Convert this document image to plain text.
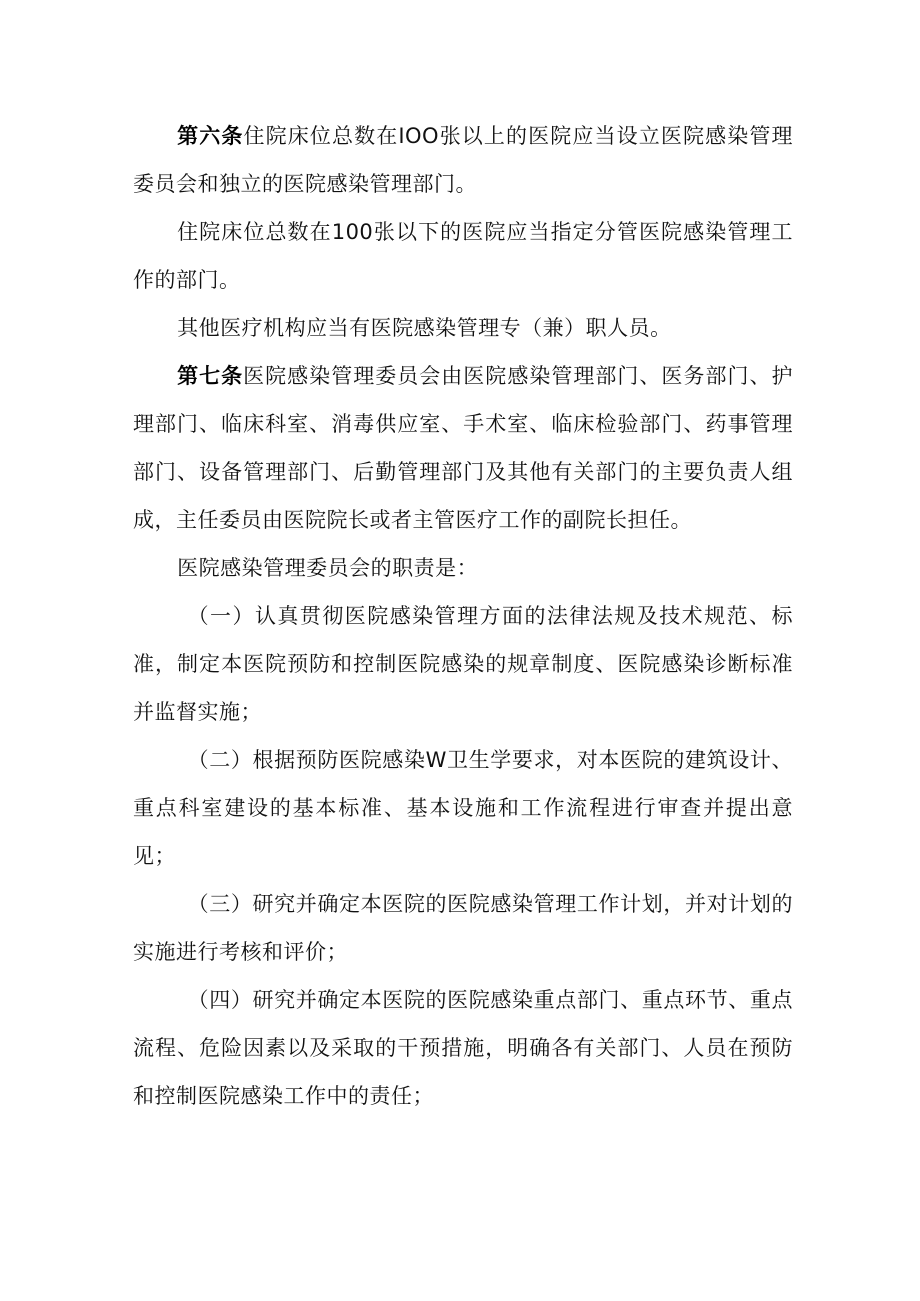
第六条住院床位总数在IOO张以上的医院应当设立医院感染管理委员会和独立的医院感染管理部门。

住院床位总数在100张以下的医院应当指定分管医院感染管理工作的部门。

其他医疗机构应当有医院感染管理专（兼）职人员。

第七条医院感染管理委员会由医院感染管理部门、医务部门、护理部门、临床科室、消毒供应室、手术室、临床检验部门、药事管理部门、设备管理部门、后勤管理部门及其他有关部门的主要负责人组成，主任委员由医院院长或者主管医疗工作的副院长担任。

医院感染管理委员会的职责是：

（一）认真贯彻医院感染管理方面的法律法规及技术规范、标准，制定本医院预防和控制医院感染的规章制度、医院感染诊断标准并监督实施；

（二）根据预防医院感染W卫生学要求，对本医院的建筑设计、重点科室建设的基本标准、基本设施和工作流程进行审查并提出意见；

（三）研究并确定本医院的医院感染管理工作计划，并对计划的实施进行考核和评价；

（四）研究并确定本医院的医院感染重点部门、重点环节、重点流程、危险因素以及采取的干预措施，明确各有关部门、人员在预防和控制医院感染工作中的责任；
